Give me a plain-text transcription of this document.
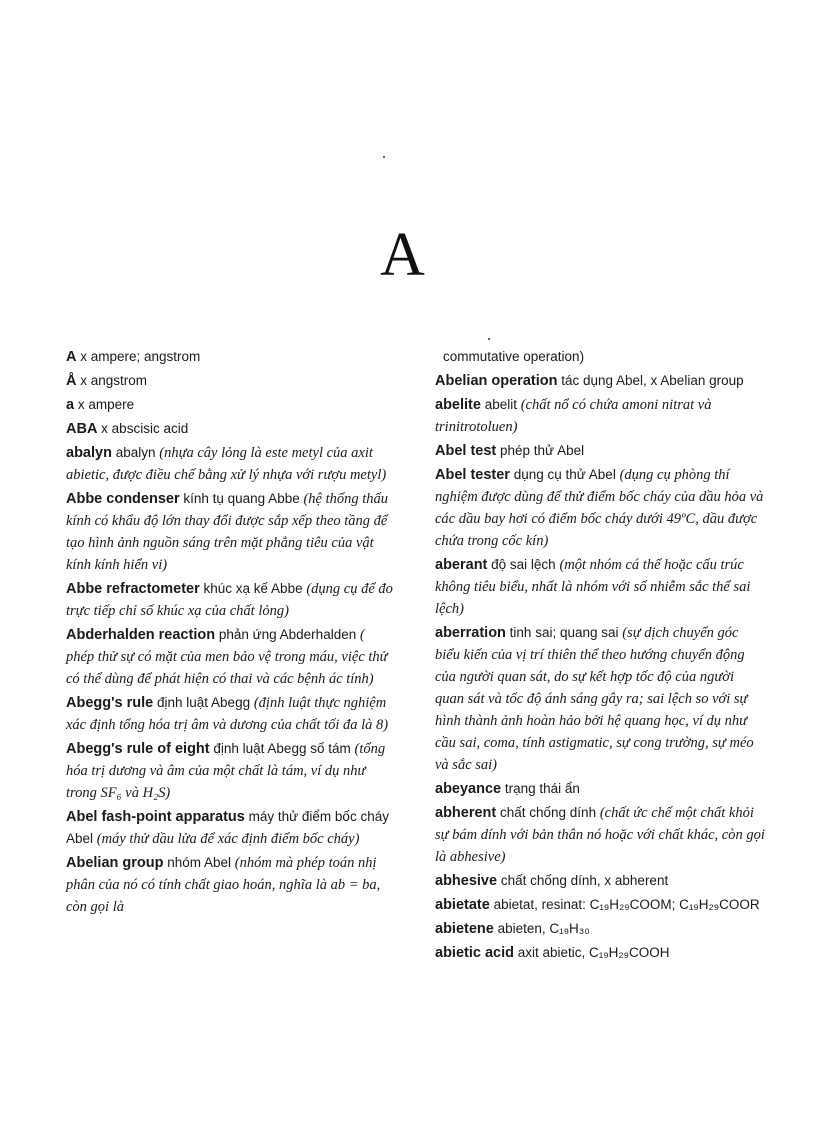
A
A x ampere; angstrom
Å x angstrom
a x ampere
ABA x abscisic acid
abalyn abalyn (nhựa cây lỏng là este metyl của axit abietic, được điều chế bằng xử lý nhựa với rượu metyl)
Abbe condenser kính tụ quang Abbe (hệ thống thấu kính có khẩu độ lớn thay đổi được sắp xếp theo tầng để tạo hình ảnh nguồn sáng trên mặt phẳng tiêu của vật kính kính hiển vi)
Abbe refractometer khúc xạ kế Abbe (dụng cụ để đo trực tiếp chỉ số khúc xạ của chất lỏng)
Abderhalden reaction phản ứng Abderhalden ( phép thử sự có mặt của men bảo vệ trong máu, việc thử có thể dùng để phát hiện có thai và các bệnh ác tính)
Abegg's rule định luật Abegg (định luật thực nghiệm xác định tổng hóa trị âm và dương của chất tối đa là 8)
Abegg's rule of eight định luật Abegg số tám (tổng hóa trị dương và âm của một chất là tám, ví dụ như trong SF₆ và H₂S)
Abel fash-point apparatus máy thử điểm bốc cháy Abel (máy thử dầu lửa để xác định điểm bốc cháy)
Abelian group nhóm Abel (nhóm mà phép toán nhị phân của nó có tính chất giao hoán, nghĩa là ab = ba, còn gọi là
commutative operation)
Abelian operation tác dụng Abel, x Abelian group
abelite abelit (chất nổ có chứa amoni nitrat và trinitrotoluen)
Abel test phép thử Abel
Abel tester dụng cụ thử Abel (dụng cụ phòng thí nghiệm được dùng để thử điểm bốc cháy của dầu hỏa và các dầu bay hơi có điểm bốc cháy dưới 49ºC, dầu được chứa trong cốc kín)
aberant độ sai lệch (một nhóm cá thể hoặc cấu trúc không tiêu biểu, nhất là nhóm với số nhiễm sắc thể sai lệch)
aberration tinh sai; quang sai (sự dịch chuyển góc biểu kiến của vị trí thiên thể theo hướng chuyển động của người quan sát, do sự kết hợp tốc độ của người quan sát và tốc độ ánh sáng gây ra; sai lệch so với sự hình thành ảnh hoàn hảo bởi hệ quang học, ví dụ như cầu sai, coma, tính astigmatic, sự cong trường, sự méo và sắc sai)
abeyance trạng thái ẩn
abherent chất chống dính (chất ức chế một chất khỏi sự bám dính với bản thân nó hoặc với chất khác, còn gọi là abhesive)
abhesive chất chống dính, x abherent
abietate abietat, resinat: C₁₉H₂₉COOM; C₁₉H₂₉COOR
abietene abieten, C₁₉H₃₀
abietic acid axit abietic, C₁₉H₂₉COOH
